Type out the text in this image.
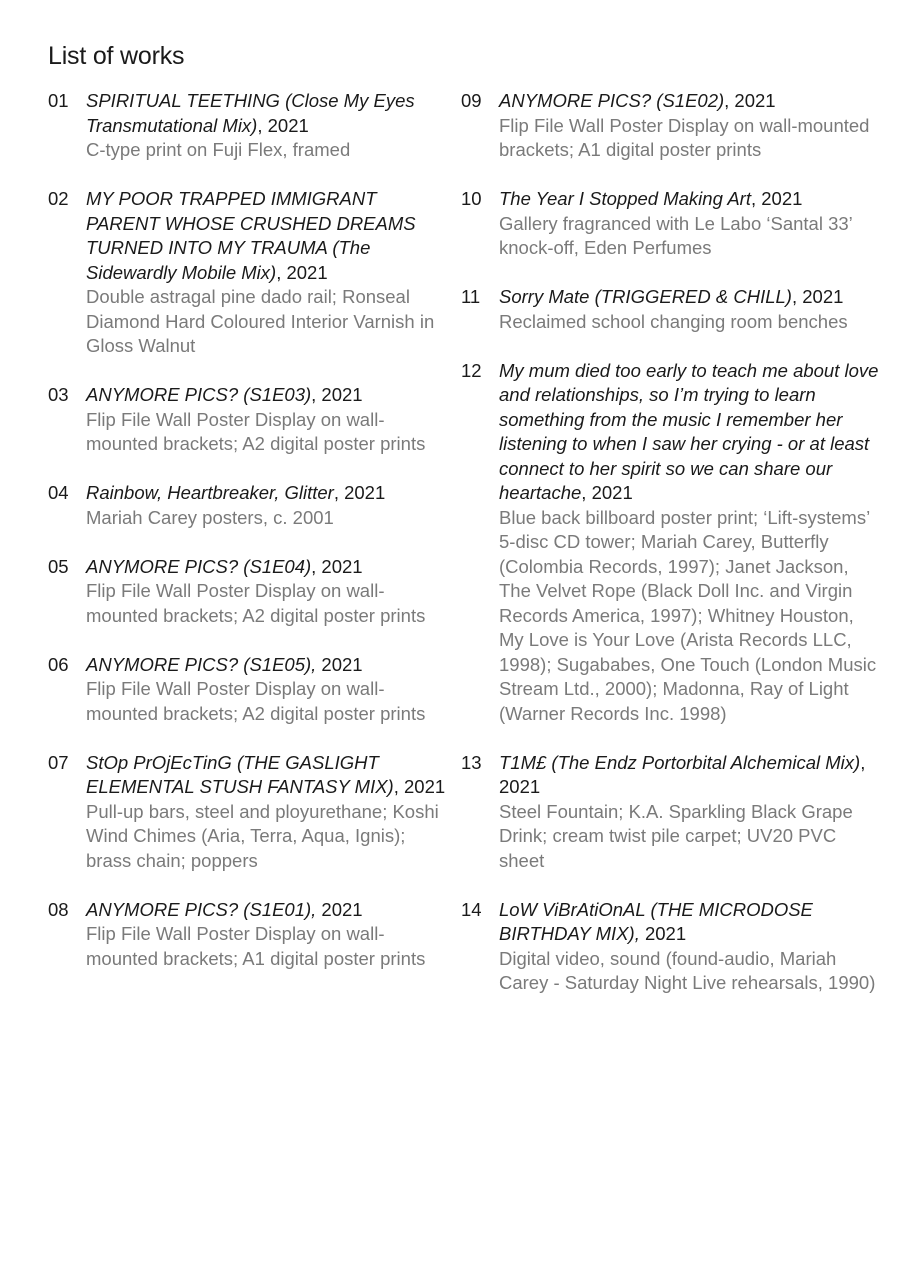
List of works
01 SPIRITUAL TEETHING (Close My Eyes Transmutational Mix), 2021
C-type print on Fuji Flex, framed
02 MY POOR TRAPPED IMMIGRANT PARENT WHOSE CRUSHED DREAMS TURNED INTO MY TRAUMA (The Sidewardly Mobile Mix), 2021
Double astragal pine dado rail; Ronseal Diamond Hard Coloured Interior Varnish in Gloss Walnut
03 ANYMORE PICS? (S1E03), 2021
Flip File Wall Poster Display on wall-mounted brackets; A2 digital poster prints
04 Rainbow, Heartbreaker, Glitter, 2021
Mariah Carey posters, c. 2001
05 ANYMORE PICS? (S1E04), 2021
Flip File Wall Poster Display on wall-mounted brackets; A2 digital poster prints
06 ANYMORE PICS? (S1E05), 2021
Flip File Wall Poster Display on wall-mounted brackets; A2 digital poster prints
07 StOp PrOjEcTinG (THE GASLIGHT ELEMENTAL STUSH FANTASY MIX), 2021
Pull-up bars, steel and ployurethane; Koshi Wind Chimes (Aria, Terra, Aqua, Ignis); brass chain; poppers
08 ANYMORE PICS? (S1E01), 2021
Flip File Wall Poster Display on wall-mounted brackets; A1 digital poster prints
09 ANYMORE PICS? (S1E02), 2021
Flip File Wall Poster Display on wall-mounted brackets; A1 digital poster prints
10 The Year I Stopped Making Art, 2021
Gallery fragranced with Le Labo ‘Santal 33’ knock-off, Eden Perfumes
11	Sorry Mate (TRIGGERED & CHILL), 2021
Reclaimed school changing room benches
12 My mum died too early to teach me about love and relationships, so I’m trying to learn something from the music I remember her listening to when I saw her crying - or at least connect to her spirit so we can share our heartache, 2021
Blue back billboard poster print; ‘Lift-systems’ 5-disc CD tower; Mariah Carey, Butterfly (Colombia Records, 1997); Janet Jackson, The Velvet Rope (Black Doll Inc. and Virgin Records America, 1997); Whitney Houston, My Love is Your Love (Arista Records LLC, 1998); Sugababes, One Touch (London Music Stream Ltd., 2000); Madonna, Ray of Light (Warner Records Inc. 1998)
13 T1M£ (The Endz Portorbital Alchemical Mix), 2021
Steel Fountain; K.A. Sparkling Black Grape Drink; cream twist pile carpet; UV20 PVC sheet
14 LoW ViBrAtiOnAL (THE MICRODOSE BIRTHDAY MIX), 2021
Digital video, sound (found-audio, Mariah Carey - Saturday Night Live rehearsals, 1990)
